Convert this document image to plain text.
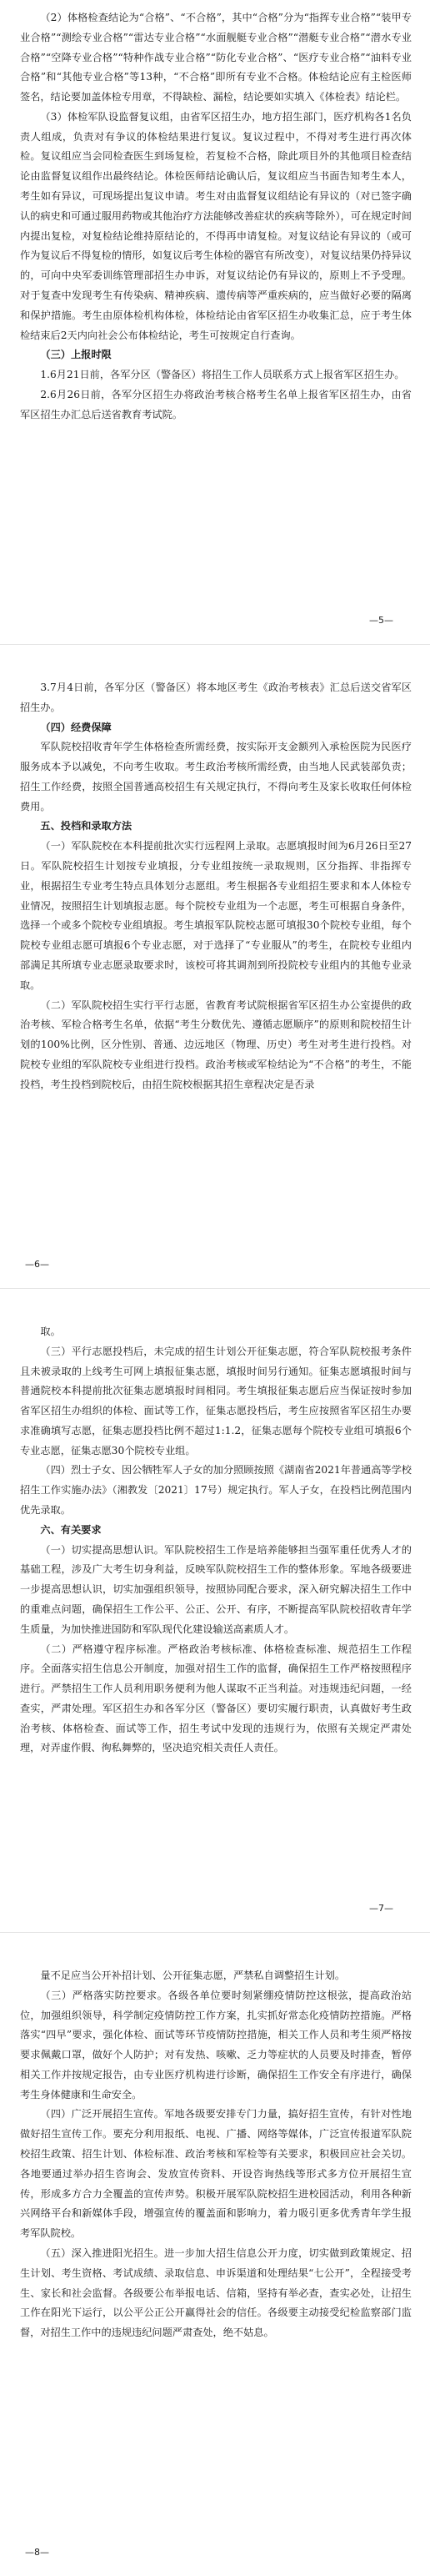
（2）体格检查结论为“合格”、“不合格”，其中“合格”分为“指挥专业合格”“装甲专业合格”“测绘专业合格”“雷达专业合格”“水面舰艇专业合格”“潜艇专业合格”“潜水专业合格”“空降专业合格”“特种作战专业合格”“防化专业合格”、“医疗专业合格”“油料专业合格”和“其他专业合格”等13种，“不合格”即所有专业不合格。体检结论应有主检医师签名，结论要加盖体检专用章，不得缺检、漏检，结论要如实填入《体检表》结论栏。

（3）体检军队设监督复议组，由省军区招生办，地方招生部门，医疗机构各1名负责人组成，负责对有争议的体检结果进行复议。复议过程中，不得对考生进行再次体检。复议组应当会同检查医生到场复检，若复检不合格，除此项目外的其他项目检查结论由监督复议组作出最终结论。体检医师结论确认后，复议组应当书面告知考生本人，考生如有异议，可现场提出复议申请。考生对由监督复议组结论有异议的（对已签字确认的病史和可通过服用药物或其他治疗方法能够改善症状的疾病等除外），可在规定时间内提出复检，对复检结论维持原结论的，不得再申请复检。对复议结论有异议的（或可作为复议后不得复检的情形，如复议后考生体检的器官有所改变），对复议结果仍持异议的，可向中央军委训练管理部招生办申诉，对复议结论仍有异议的，原则上不予受理。对于复查中发现考生有传染病、精神疾病、遗传病等严重疾病的，应当做好必要的隔离和保护措施。考生由原体检机构体检，体检结论由省军区招生办收集汇总，应于考生体检结束后2天内向社会公布体检结论，考生可按规定自行查询。

（三）上报时限

1.6月21日前，各军分区（警备区）将招生工作人员联系方式上报省军区招生办。

2.6月26日前，各军分区招生办将政治考核合格考生名单上报省军区招生办，由省军区招生办汇总后送省教育考试院。

—5—

3.7月4日前，各军分区（警备区）将本地区考生《政治考核表》汇总后送交省军区招生办。

（四）经费保障

军队院校招收青年学生体格检查所需经费，按实际开支金额列入承检医院为民医疗服务成本予以减免，不向考生收取。考生政治考核所需经费，由当地人民武装部负责；招生工作经费，按照全国普通高校招生有关规定执行，不得向考生及家长收取任何体检费用。

五、投档和录取方法

（一）军队院校在本科提前批次实行远程网上录取。志愿填报时间为6月26日至27日。军队院校招生计划按专业填报，分专业组按统一录取规则，区分指挥、非指挥专业，根据招生专业考生特点具体划分志愿组。考生根据各专业组招生要求和本人体检专业情况，按照招生计划填报志愿。每个院校专业组为一个志愿，考生可根据自身条件，选择一个或多个院校专业组填报。考生填报军队院校志愿可填报30个院校专业组，每个院校专业组志愿可填报6个专业志愿，对于选择了“专业服从”的考生，在院校专业组内部满足其所填专业志愿录取要求时，该校可将其调剂到所投院校专业组内的其他专业录取。

（二）军队院校招生实行平行志愿，省教育考试院根据省军区招生办公室提供的政治考核、军检合格考生名单，依据“考生分数优先、遵循志愿顺序”的原则和院校招生计划的100%比例，区分性别、普通、边远地区（物理、历史）考生对考生进行投档。对院校专业组的军队院校专业组进行投档。政治考核或军检结论为“不合格”的考生，不能投档，考生投档到院校后，由招生院校根据其招生章程决定是否录

—6—

取。

（三）平行志愿投档后，未完成的招生计划公开征集志愿，符合军队院校报考条件且未被录取的上线考生可网上填报征集志愿，填报时间另行通知。征集志愿填报时间与普通院校本科提前批次征集志愿填报时间相同。考生填报征集志愿后应当保证按时参加省军区招生办组织的体检、面试等工作，征集志愿投档后，考生应按照省军区招生办要求准确填写志愿，征集志愿投档比例不超过1:1.2，征集志愿每个院校专业组可填报6个专业志愿，征集志愿30个院校专业组。

（四）烈士子女、因公牺牲军人子女的加分照顾按照《湖南省2021年普通高等学校招生工作实施办法》（湘教发〔2021〕17号）规定执行。军人子女，在投档比例范围内优先录取。

六、有关要求

（一）切实提高思想认识。军队院校招生工作是培养能够担当强军重任优秀人才的基础工程，涉及广大考生切身利益，反映军队院校招生工作的整体形象。军地各级要进一步提高思想认识，切实加强组织领导，按照协同配合要求，深入研究解决招生工作中的重难点问题，确保招生工作公平、公正、公开、有序，不断提高军队院校招收青年学生质量，为加快推进国防和军队现代化建设输送高素质人才。

（二）严格遵守程序标准。严格政治考核标准、体格检查标准、规范招生工作程序。全面落实招生信息公开制度，加强对招生工作的监督，确保招生工作严格按照程序进行。严禁招生工作人员利用职务便利为他人谋取不正当利益。对违规违纪问题，一经查实，严肃处理。军区招生办和各军分区（警备区）要切实履行职责，认真做好考生政治考核、体格检查、面试等工作，招生考试中发现的违规行为，依照有关规定严肃处理，对弄虚作假、徇私舞弊的，坚决追究相关责任人责任。

—7—

量不足应当公开补招计划、公开征集志愿，严禁私自调整招生计划。

（三）严格落实防控要求。各级各单位要时刻紧绷疫情防控这根弦，提高政治站位，加强组织领导，科学制定疫情防控工作方案，扎实抓好常态化疫情防控措施。严格落实“四早”要求，强化体检、面试等环节疫情防控措施，相关工作人员和考生须严格按要求佩戴口罩，做好个人防护；对有发热、咳嗽、乏力等症状的人员要及时排查，暂停相关工作并按规定报告，由专业医疗机构进行诊断，确保招生工作安全有序进行，确保考生身体健康和生命安全。

（四）广泛开展招生宣传。军地各级要安排专门力量，搞好招生宣传，有针对性地做好招生宣传工作。要充分利用报纸、电视、广播、网络等媒体，广泛宣传报道军队院校招生政策、招生计划、体检标准、政治考核和军检等有关要求，积极回应社会关切。各地要通过举办招生咨询会、发放宣传资料、开设咨询热线等形式多方位开展招生宣传，形成多方合力全覆盖的宣传声势。积极开展军队院校招生进校园活动，利用各种新兴网络平台和新媒体手段，增强宣传的覆盖面和影响力，着力吸引更多优秀青年学生报考军队院校。

（五）深入推进阳光招生。进一步加大招生信息公开力度，切实做到政策规定、招生计划、考生资格、考试成绩、录取信息、申诉渠道和处理结果“七公开”，全程接受考生、家长和社会监督。各级要公布举报电话、信箱，坚持有举必查，查实必处，让招生工作在阳光下运行，以公平公正公开赢得社会的信任。各级要主动接受纪检监察部门监督，对招生工作中的违规违纪问题严肃查处，绝不姑息。

—8—
